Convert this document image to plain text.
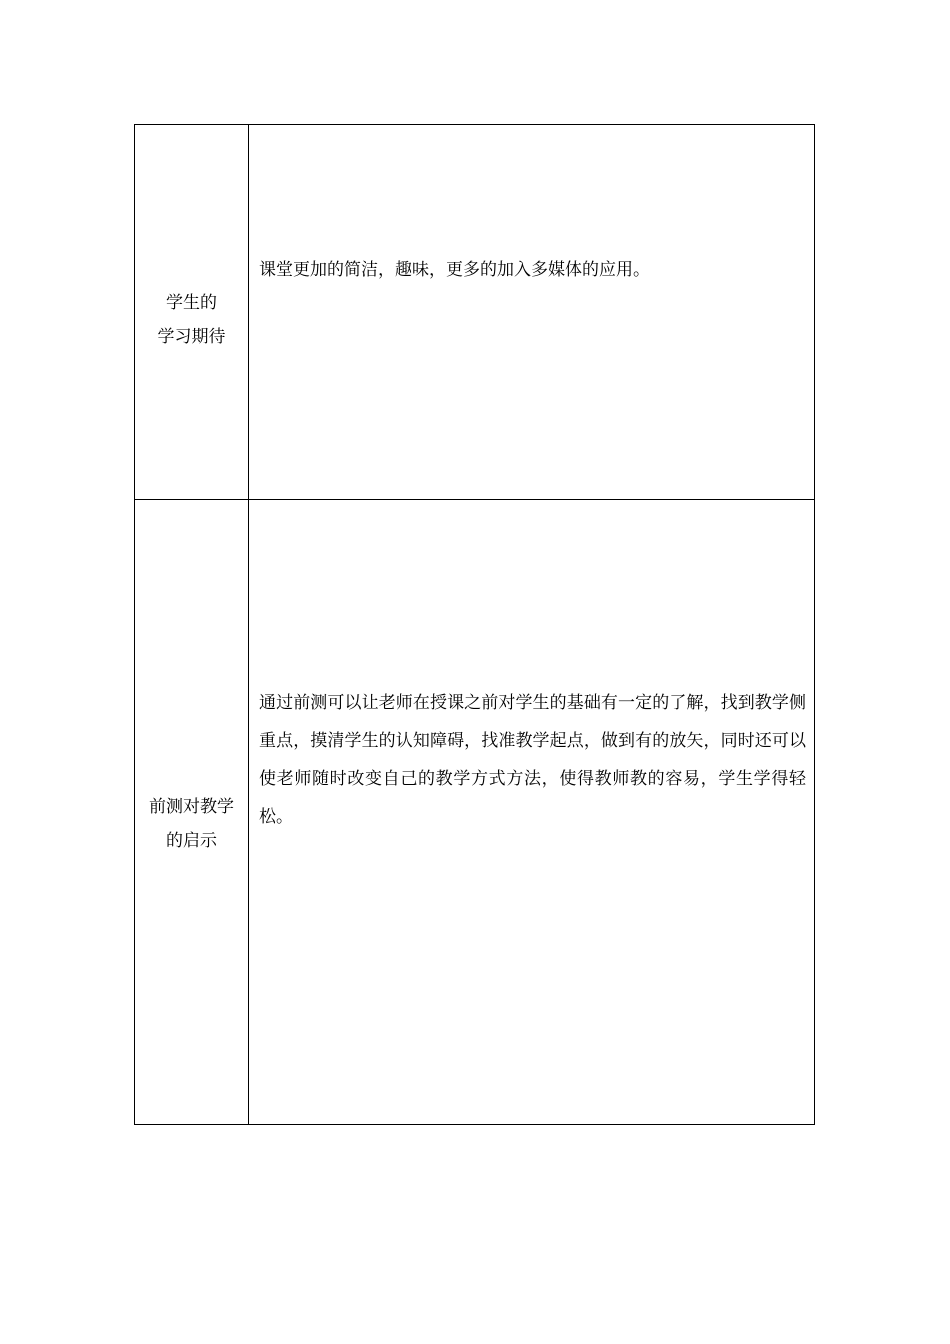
学生的
学习期待	课堂更加的简洁，趣味，更多的加入多媒体的应用。

前测对教学
的启示	通过前测可以让老师在授课之前对学生的基础有一定的了解，找到教学侧重点，摸清学生的认知障碍，找准教学起点，做到有的放矢，同时还可以使老师随时改变自己的教学方式方法，使得教师教的容易，学生学得轻松。
